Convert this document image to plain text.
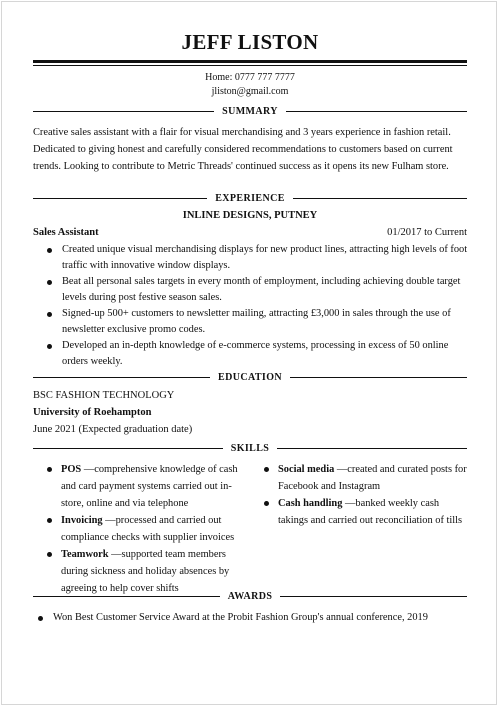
JEFF LISTON
Home: 0777 777 7777
jliston@gmail.com
SUMMARY
Creative sales assistant with a flair for visual merchandising and 3 years experience in fashion retail. Dedicated to giving honest and carefully considered recommendations to customers based on current trends. Looking to contribute to Metric Threads' continued success as it opens its new Fulham store.
EXPERIENCE
INLINE DESIGNS, PUTNEY
Sales Assistant	01/2017 to Current
Created unique visual merchandising displays for new product lines, attracting high levels of foot traffic with innovative window displays.
Beat all personal sales targets in every month of employment, including achieving double target levels during post festive season sales.
Signed-up 500+ customers to newsletter mailing, attracting £3,000 in sales through the use of newsletter exclusive promo codes.
Developed an in-depth knowledge of e-commerce systems, processing in excess of 50 online orders weekly.
EDUCATION
BSC FASHION TECHNOLOGY
University of Roehampton
June 2021 (Expected graduation date)
SKILLS
POS —comprehensive knowledge of cash and card payment systems carried out in-store, online and via telephone
Invoicing —processed and carried out compliance checks with supplier invoices
Teamwork —supported team members during sickness and holiday absences by agreeing to help cover shifts
Social media —created and curated posts for Facebook and Instagram
Cash handling —banked weekly cash takings and carried out reconciliation of tills
AWARDS
Won Best Customer Service Award at the Probit Fashion Group's annual conference, 2019
